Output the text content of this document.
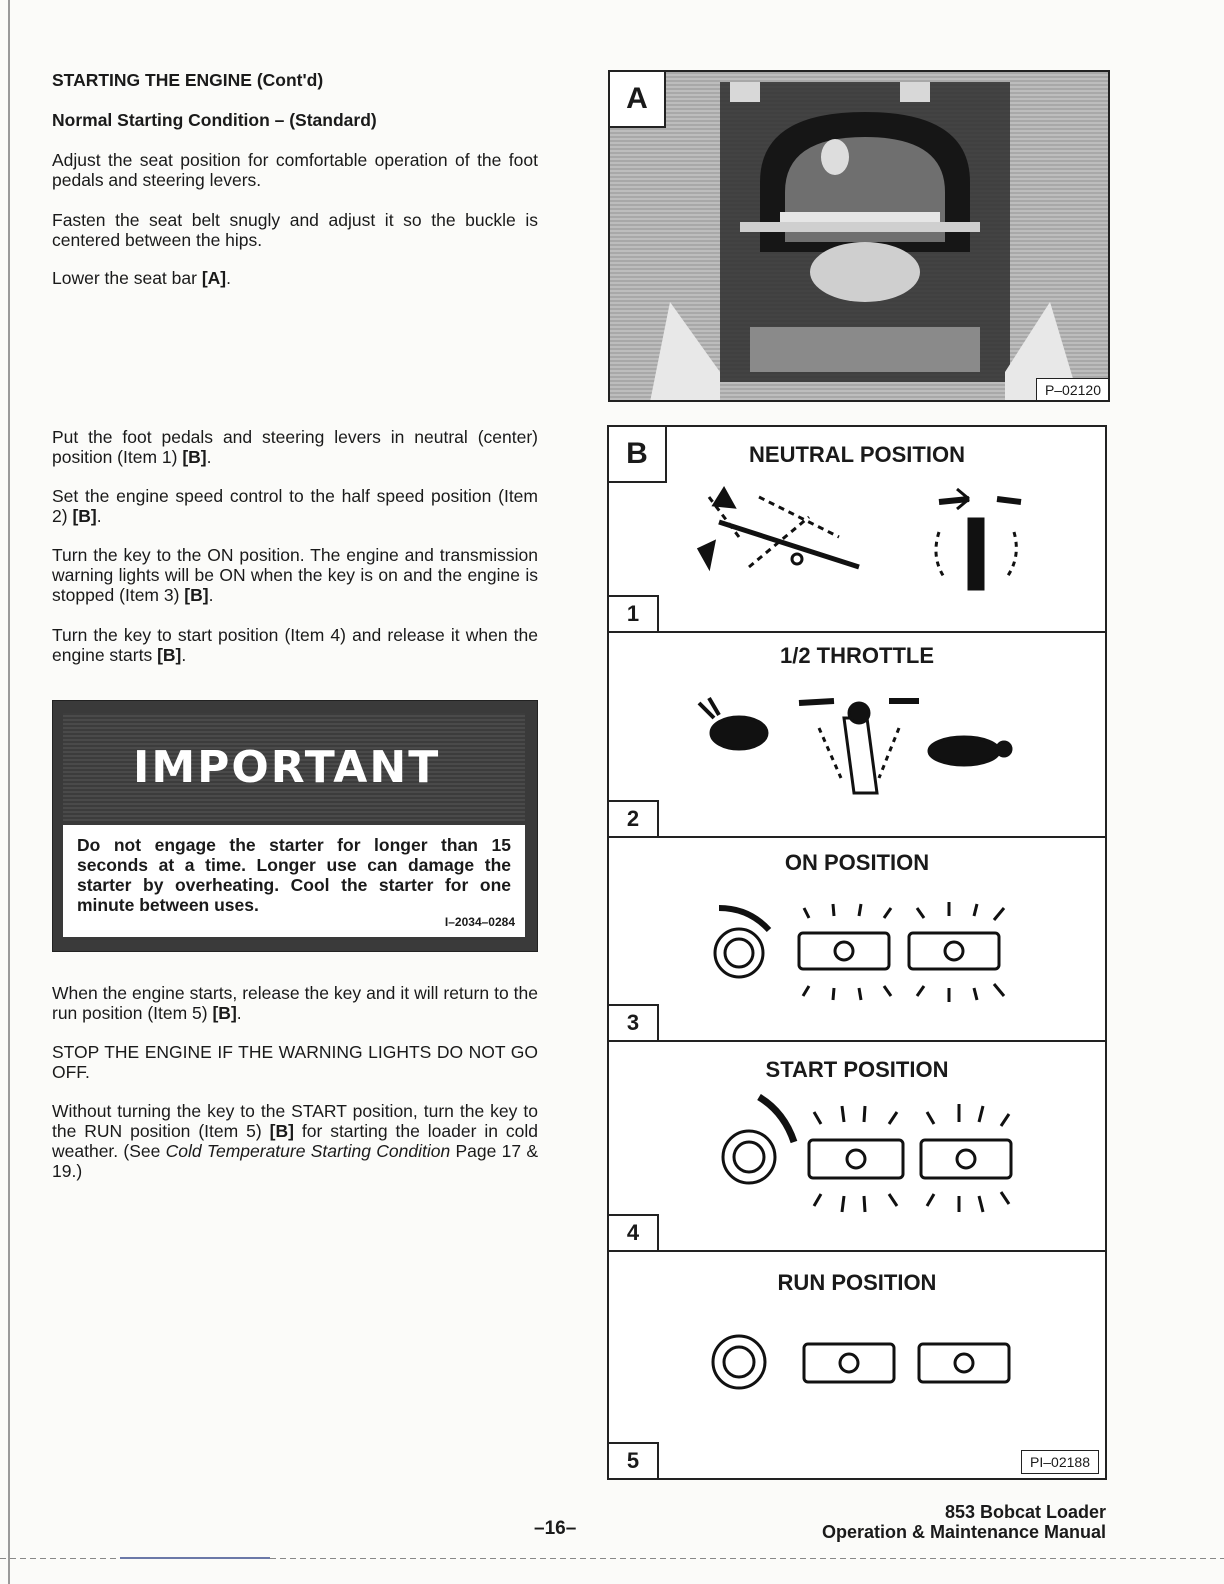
STARTING THE ENGINE (Cont'd)
Normal Starting Condition – (Standard)
Adjust the seat position for comfortable operation of the foot pedals and steering levers.
Fasten the seat belt snugly and adjust it so the buckle is centered between the hips.
Lower the seat bar [A].
Put the foot pedals and steering levers in neutral (center) position (Item 1) [B].
Set the engine speed control to the half speed position (Item 2) [B].
Turn the key to the ON position. The engine and transmission warning lights will be ON when the key is on and the engine is stopped (Item 3) [B].
Turn the key to start position (Item 4) and release it when the engine starts [B].
When the engine starts, release the key and it will return to the run position (Item 5) [B].
STOP THE ENGINE IF THE WARNING LIGHTS DO NOT GO OFF.
Without turning the key to the START position, turn the key to the RUN position (Item 5) [B] for starting the loader in cold weather. (See Cold Temperature Starting Condition Page 17 & 19.)
IMPORTANT
Do not engage the starter for longer than 15 seconds at a time. Longer use can damage the starter by overheating. Cool the starter for one minute between uses.
I–2034–0284
A
P–02120
NEUTRAL POSITION
1
1/2 THROTTLE
2
ON POSITION
3
START POSITION
4
RUN POSITION
5	PI–02188
B
–16–
853 Bobcat Loader
Operation & Maintenance Manual
